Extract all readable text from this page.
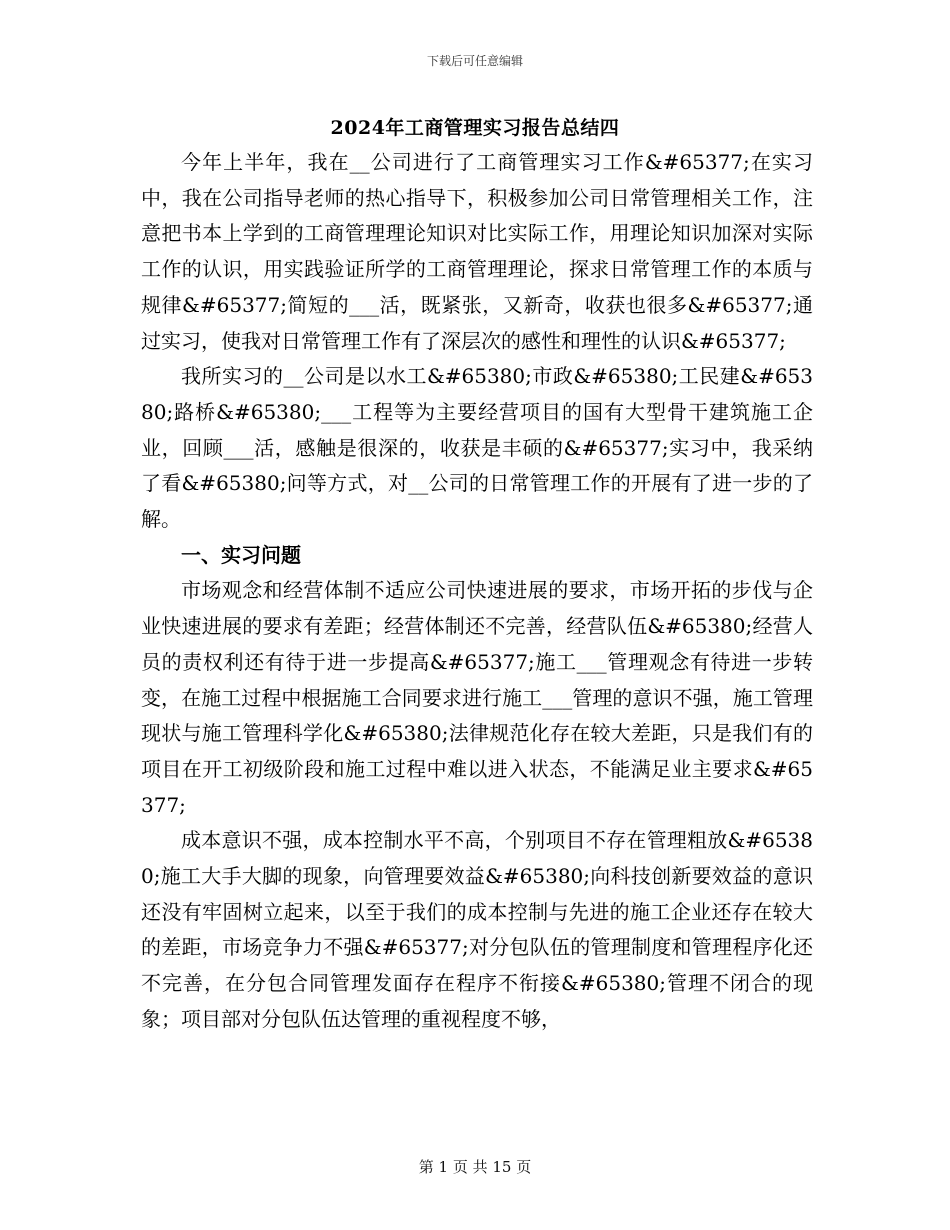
下载后可任意编辑
2024年工商管理实习报告总结四

今年上半年，我在__公司进行了工商管理实习工作&#65377;在实习中，我在公司指导老师的热心指导下，积极参加公司日常管理相关工作，注意把书本上学到的工商管理理论知识对比实际工作，用理论知识加深对实际工作的认识，用实践验证所学的工商管理理论，探求日常管理工作的本质与规律&#65377;简短的___活，既紧张，又新奇，收获也很多&#65377;通过实习，使我对日常管理工作有了深层次的感性和理性的认识&#65377;

我所实习的__公司是以水工&#65380;市政&#65380;工民建&#65380;路桥&#65380;___工程等为主要经营项目的国有大型骨干建筑施工企业，回顾___活，感触是很深的，收获是丰硕的&#65377;实习中，我采纳了看&#65380;问等方式，对__公司的日常管理工作的开展有了进一步的了解。

一、实习问题

市场观念和经营体制不适应公司快速进展的要求，市场开拓的步伐与企业快速进展的要求有差距；经营体制还不完善，经营队伍&#65380;经营人员的责权利还有待于进一步提高&#65377;施工___管理观念有待进一步转变，在施工过程中根据施工合同要求进行施工___管理的意识不强，施工管理现状与施工管理科学化&#65380;法律规范化存在较大差距，只是我们有的项目在开工初级阶段和施工过程中难以进入状态，不能满足业主要求&#65377;

成本意识不强，成本控制水平不高，个别项目不存在管理粗放&#65380;施工大手大脚的现象，向管理要效益&#65380;向科技创新要效益的意识还没有牢固树立起来，以至于我们的成本控制与先进的施工企业还存在较大的差距，市场竞争力不强&#65377;对分包队伍的管理制度和管理程序化还不完善，在分包合同管理发面存在程序不衔接&#65380;管理不闭合的现象；项目部对分包队伍达管理的重视程度不够，

第 1 页 共 15 页
